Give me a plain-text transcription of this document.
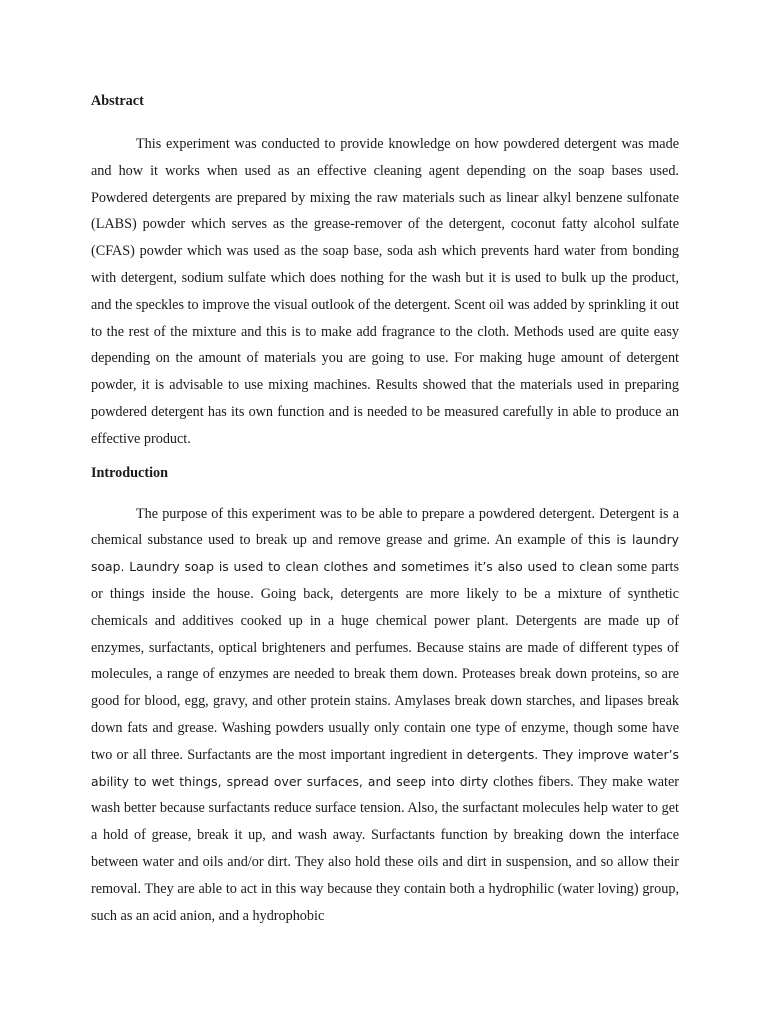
Abstract

This experiment was conducted to provide knowledge on how powdered detergent was made and how it works when used as an effective cleaning agent depending on the soap bases used. Powdered detergents are prepared by mixing the raw materials such as linear alkyl benzene sulfonate (LABS) powder which serves as the grease-remover of the detergent, coconut fatty alcohol sulfate (CFAS) powder which was used as the soap base, soda ash which prevents hard water from bonding with detergent, sodium sulfate which does nothing for the wash but it is used to bulk up the product, and the speckles to improve the visual outlook of the detergent. Scent oil was added by sprinkling it out to the rest of the mixture and this is to make add fragrance to the cloth. Methods used are quite easy depending on the amount of materials you are going to use. For making huge amount of detergent powder, it is advisable to use mixing machines. Results showed that the materials used in preparing powdered detergent has its own function and is needed to be measured carefully in able to produce an effective product.

Introduction

The purpose of this experiment was to be able to prepare a powdered detergent. Detergent is a chemical substance used to break up and remove grease and grime. An example of this is laundry soap. Laundry soap is used to clean clothes and sometimes it’s also used to clean some parts or things inside the house. Going back, detergents are more likely to be a mixture of synthetic chemicals and additives cooked up in a huge chemical power plant. Detergents are made up of enzymes, surfactants, optical brighteners and perfumes. Because stains are made of different types of molecules, a range of enzymes are needed to break them down. Proteases break down proteins, so are good for blood, egg, gravy, and other protein stains. Amylases break down starches, and lipases break down fats and grease. Washing powders usually only contain one type of enzyme, though some have two or all three. Surfactants are the most important ingredient in detergents. They improve water’s ability to wet things, spread over surfaces, and seep into dirty clothes fibers. They make water wash better because surfactants reduce surface tension. Also, the surfactant molecules help water to get a hold of grease, break it up, and wash away. Surfactants function by breaking down the interface between water and oils and/or dirt. They also hold these oils and dirt in suspension, and so allow their removal. They are able to act in this way because they contain both a hydrophilic (water loving) group, such as an acid anion, and a hydrophobic
